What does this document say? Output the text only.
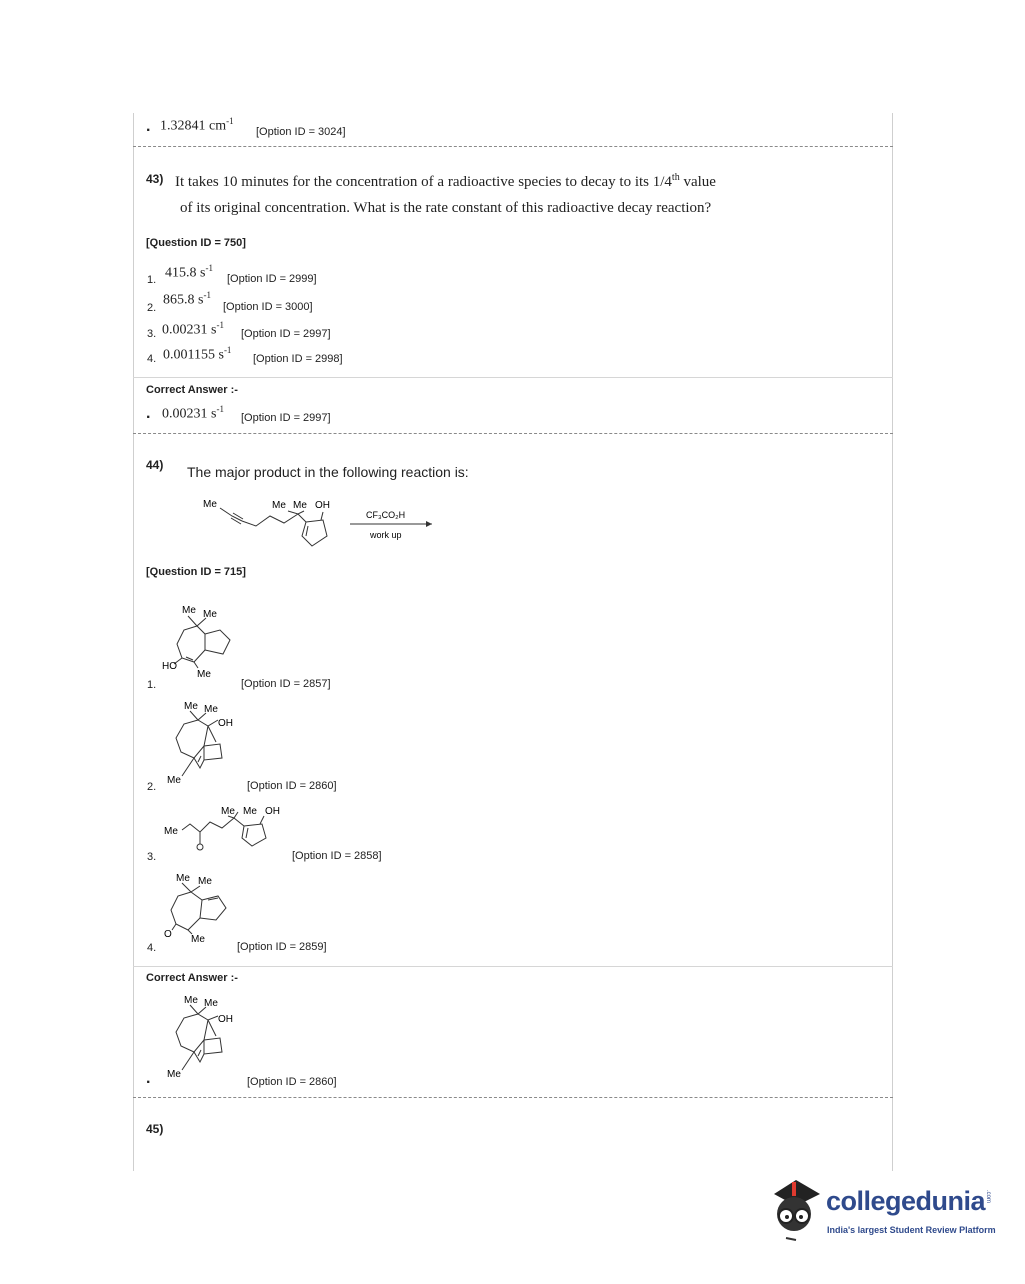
. 1.32841 $cm^{-1}$
[Option ID = 3024]
43) It takes 10 minutes for the concentration of a radioactive species to decay to its 1/4th value
of its original concentration. What is the rate constant of this radioactive decay reaction?
[Question ID = 750]
1. 415.8 $s^{-1}$
[Option ID = 2999]
2.
865.8 $s^{-1}$
[Option ID = 3000]
3. 0.00231 $s^{-1}$
[Option ID = 2997]
4. 0.001155 $s^{-1}$
[Option ID = 2998]
Correct Answer :-
. 0.00231 $s^{-1}$
[Option ID = 2997]
44) The major product in the following reaction is:
Me	Me Me OH
CF₃CO₂H
work up
[Question ID = 715]
Me Me
HO
Me
1.	[Option ID = 2857]
Me Me
OH
Me
2.	[Option ID = 2860]
Me Me OH
Me
3.	[Option ID = 2858]
Me Me
O Me
4.	[Option ID = 2859]
Correct Answer :-
Me Me
OH
Me
.	[Option ID = 2860]
45)
collegedunia .com
India's largest Student Review Platform
